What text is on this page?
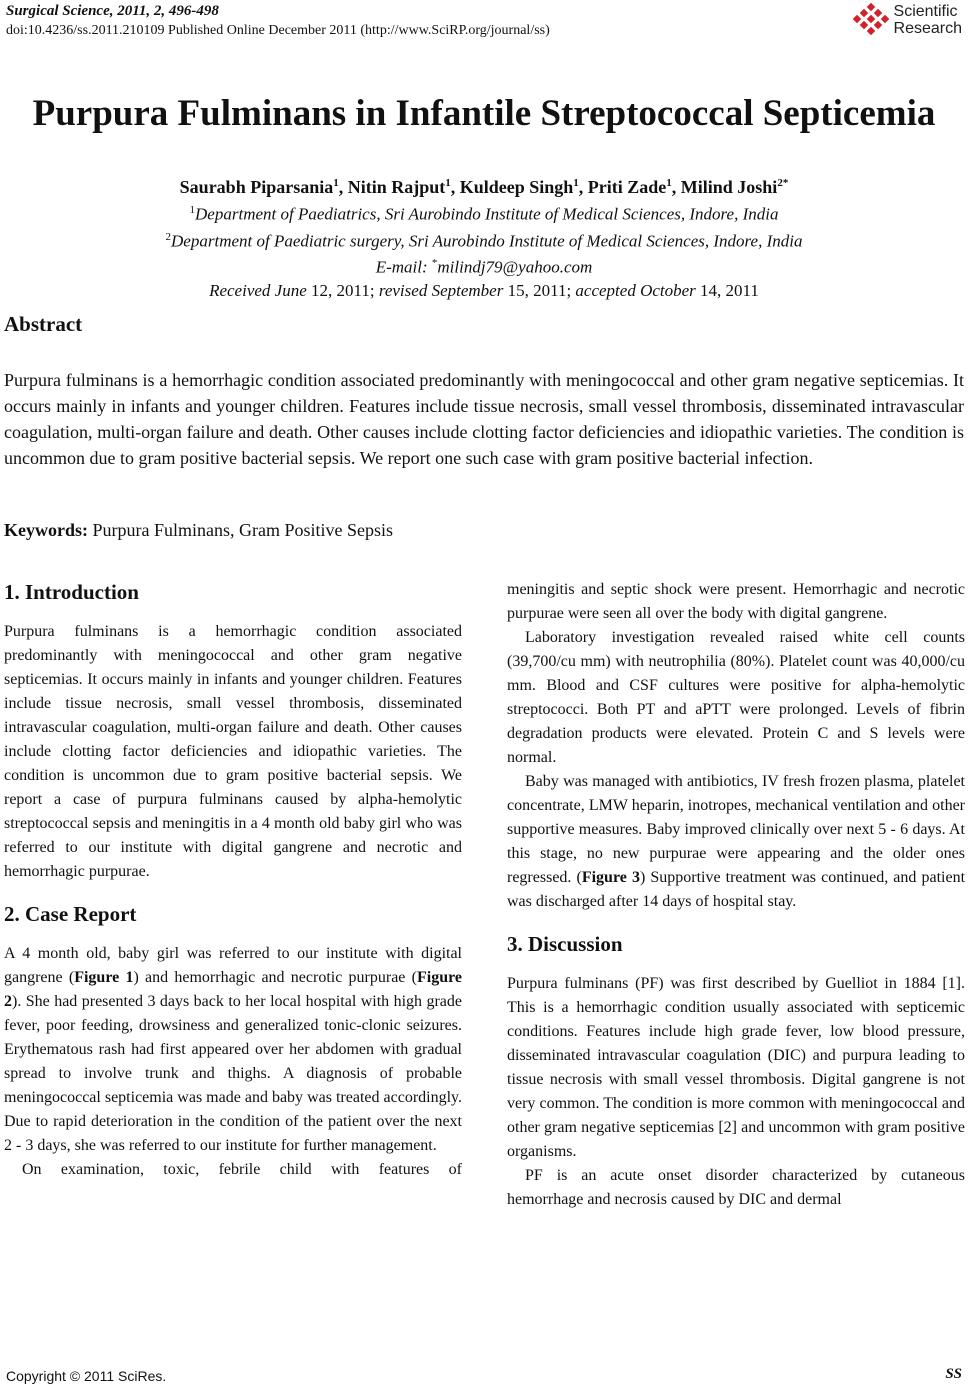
Surgical Science, 2011, 2, 496-498
doi:10.4236/ss.2011.210109 Published Online December 2011 (http://www.SciRP.org/journal/ss)
Scientific
Research
Purpura Fulminans in Infantile Streptococcal Septicemia
Saurabh Piparsania$^1$, Nitin Rajput$^1$, Kuldeep Singh$^1$, Priti Zade$^1$, Milind Joshi$^{2*}$
$^1$Department of Paediatrics, Sri Aurobindo Institute of Medical Sciences, Indore, India
$^2$Department of Paediatric surgery, Sri Aurobindo Institute of Medical Sciences, Indore, India
E-mail: *milindj79@yahoo.com
Received June 12, 2011; revised September 15, 2011; accepted October 14, 2011
Abstract
Purpura fulminans is a hemorrhagic condition associated predominantly with meningococcal and other gram negative septicemias. It occurs mainly in infants and younger children. Features include tissue necrosis, small vessel thrombosis, disseminated intravascular coagulation, multi-organ failure and death. Other causes include clotting factor deficiencies and idiopathic varieties. The condition is uncommon due to gram positive bacterial sepsis. We report one such case with gram positive bacterial infection.
Keywords: Purpura Fulminans, Gram Positive Sepsis
1. Introduction

Purpura fulminans is a hemorrhagic condition associated predominantly with meningococcal and other gram negative septicemias. It occurs mainly in infants and younger children. Features include tissue necrosis, small vessel thrombosis, disseminated intravascular coagulation, multi-organ failure and death. Other causes include clotting factor deficiencies and idiopathic varieties. The condition is uncommon due to gram positive bacterial sepsis. We report a case of purpura fulminans caused by alpha-hemolytic streptococcal sepsis and meningitis in a 4 month old baby girl who was referred to our institute with digital gangrene and necrotic and hemorrhagic purpurae.

2. Case Report

A 4 month old, baby girl was referred to our institute with digital gangrene (Figure 1) and hemorrhagic and necrotic purpurae (Figure 2). She had presented 3 days back to her local hospital with high grade fever, poor feeding, drowsiness and generalized tonic-clonic seizures. Erythematous rash had first appeared over her abdomen with gradual spread to involve trunk and thighs. A diagnosis of probable meningococcal septicemia was made and baby was treated accordingly. Due to rapid deterioration in the condition of the patient over the next 2 - 3 days, she was referred to our institute for further management.

On examination, toxic, febrile child with features of

meningitis and septic shock were present. Hemorrhagic and necrotic purpurae were seen all over the body with digital gangrene.

Laboratory investigation revealed raised white cell counts (39,700/cu mm) with neutrophilia (80%). Platelet count was 40,000/cu mm. Blood and CSF cultures were positive for alpha-hemolytic streptococci. Both PT and aPTT were prolonged. Levels of fibrin degradation products were elevated. Protein C and S levels were normal.

Baby was managed with antibiotics, IV fresh frozen plasma, platelet concentrate, LMW heparin, inotropes, mechanical ventilation and other supportive measures. Baby improved clinically over next 5 - 6 days. At this stage, no new purpurae were appearing and the older ones regressed. (Figure 3) Supportive treatment was continued, and patient was discharged after 14 days of hospital stay.

3. Discussion

Purpura fulminans (PF) was first described by Guelliot in 1884 [1]. This is a hemorrhagic condition usually associated with septicemic conditions. Features include high grade fever, low blood pressure, disseminated intravascular coagulation (DIC) and purpura leading to tissue necrosis with small vessel thrombosis. Digital gangrene is not very common. The condition is more common with meningococcal and other gram negative septicemias [2] and uncommon with gram positive organisms.

PF is an acute onset disorder characterized by cutaneous hemorrhage and necrosis caused by DIC and dermal

Copyright © 2011 SciRes.	SS
